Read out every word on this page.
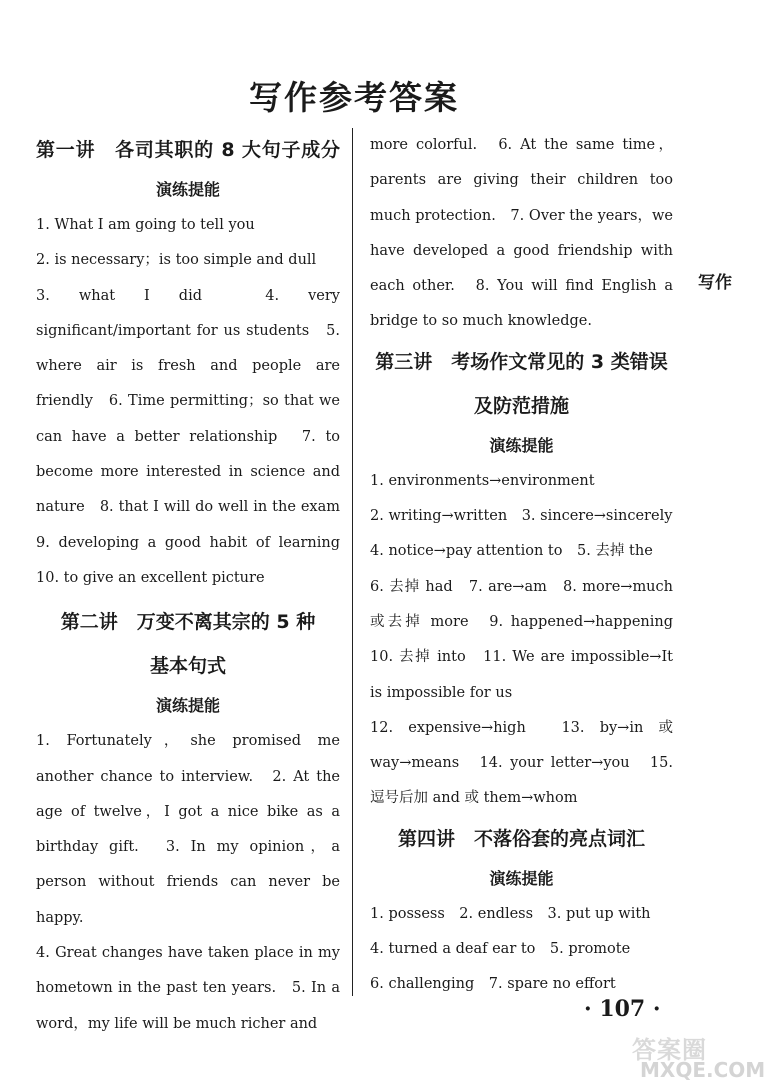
写作参考答案
第一讲　各司其职的 8 大句子成分
演练提能

1. What I am going to tell you
2. is necessary；is too simple and dull
3. what I did　4. very significant/important for us students　5. where air is fresh and people are friendly　6. Time permitting；so that we can have a better relationship　7. to become more interested in science and nature　8. that I will do well in the exam　9. developing a good habit of learning　10. to give an excellent picture

第二讲　万变不离其宗的 5 种
基本句式
演练提能

1. Fortunately，she promised me another chance to interview.　2. At the age of twelve，I got a nice bike as a birthday gift.　3. In my opinion，a person without friends can never be happy.
4. Great changes have taken place in my hometown in the past ten years.　5. In a word，my life will be much richer and

more colorful.　6. At the same time，parents are giving their children too much protection.　7. Over the years，we have developed a good friendship with each other.　8. You will find English a bridge to so much knowledge.

第三讲　考场作文常见的 3 类错误
及防范措施
演练提能

1. environments→environment
2. writing→written　3. sincere→sincerely
4. notice→pay attention to　5. 去掉 the
6. 去掉 had　7. are→am　8. more→much 或去掉 more　9. happened→happening　10. 去掉 into　11. We are impossible→It is impossible for us
12. expensive→high　13. by→in 或 way→means　14. your letter→you　15. 逗号后加 and 或 them→whom

第四讲　不落俗套的亮点词汇
演练提能

1. possess　2. endless　3. put up with
4. turned a deaf ear to　5. promote
6. challenging　7. spare no effort

写作
· 107 ·
答案圈
MXQE.COM
